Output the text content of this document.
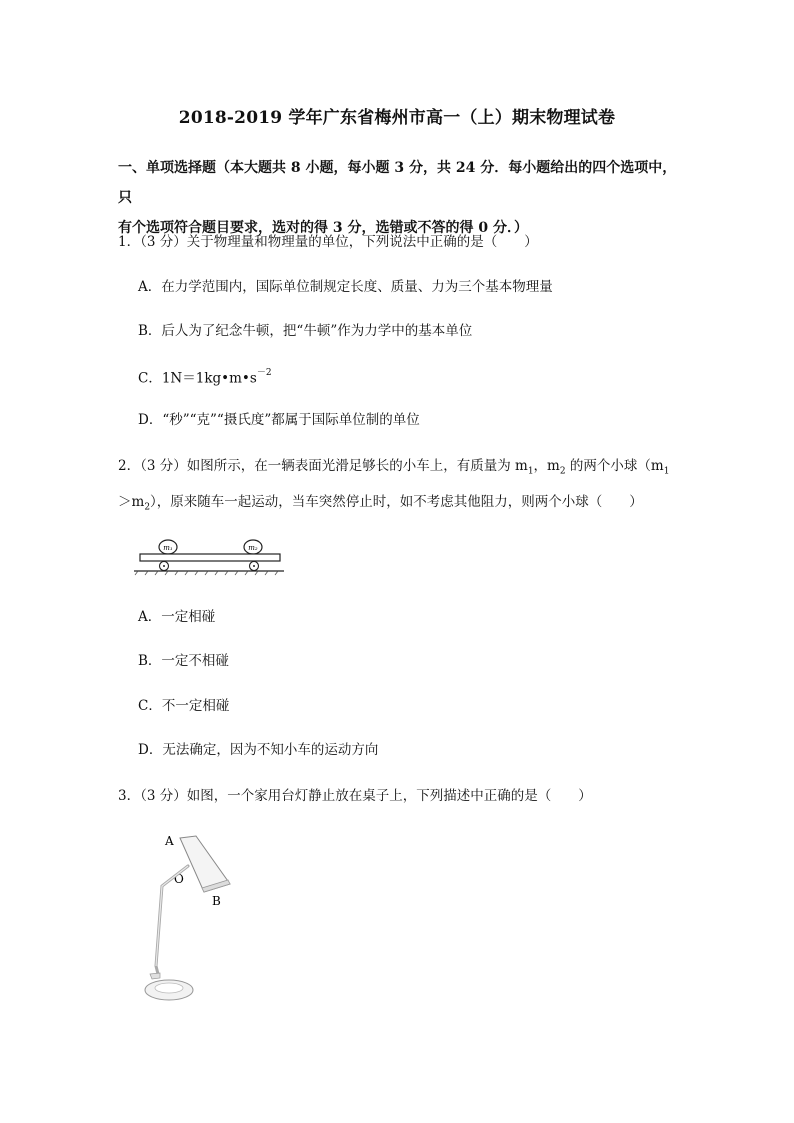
2018-2019 学年广东省梅州市高一（上）期末物理试卷
一、单项选择题（本大题共 8 小题，每小题 3 分，共 24 分．每小题给出的四个选项中，只
有个选项符合题目要求，选对的得 3 分，选错或不答的得 0 分．）
1．（3 分）关于物理量和物理量的单位，下列说法中正确的是（　　）
A．在力学范围内，国际单位制规定长度、质量、力为三个基本物理量
B．后人为了纪念牛顿，把“牛顿”作为力学中的基本单位
C．$1N=1kg•m•s^{-2}$
D．“秒”“克”“摄氏度”都属于国际单位制的单位
2．（3 分）如图所示，在一辆表面光滑足够长的小车上，有质量为 $m_1$，$m_2$ 的两个小球（$m_1$
$>m_2$），原来随车一起运动，当车突然停止时，如不考虑其他阻力，则两个小球（　　）
m₁	m₂
A．一定相碰
B．一定不相碰
C．不一定相碰
D．无法确定，因为不知小车的运动方向
3．（3 分）如图，一个家用台灯静止放在桌子上，下列描述中正确的是（　　）
A
O
B
